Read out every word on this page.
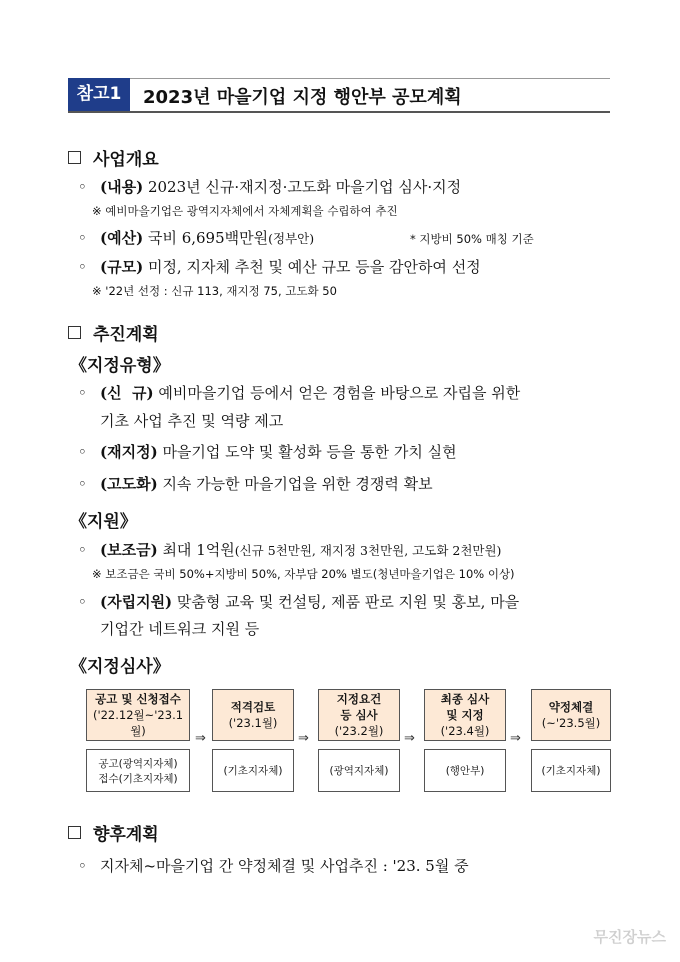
참고1	2023년 마을기업 지정 행안부 공모계획
사업개요
◦ (내용) 2023년 신규·재지정·고도화 마을기업 심사·지정
※ 예비마을기업은 광역지자체에서 자체계획을 수립하여 추진
◦ (예산) 국비 6,695백만원(정부안)	* 지방비 50% 매칭 기준
◦ (규모) 미정, 지자체 추천 및 예산 규모 등을 감안하여 선정
※ '22년 선정 : 신규 113, 재지정 75, 고도화 50
추진계획
《지정유형》
◦ (신  규) 예비마을기업 등에서 얻은 경험을 바탕으로 자립을 위한
기초 사업 추진 및 역량 제고
◦ (재지정) 마을기업 도약 및 활성화 등을 통한 가치 실현
◦ (고도화) 지속 가능한 마을기업을 위한 경쟁력 확보
《지원》
◦ (보조금) 최대 1억원(신규 5천만원, 재지정 3천만원, 고도화 2천만원)
※ 보조금은 국비 50%+지방비 50%, 자부담 20% 별도(청년마을기업은 10% 이상)
◦ (자립지원) 맞춤형 교육 및 컨설팅, 제품 판로 지원 및 홍보, 마을
기업간 네트워크 지원 등
《지정심사》
공고 및 신청접수
('22.12월~'23.1월)
공고(광역지자체)
접수(기초지자체)
⇒
적격검토
('23.1월)
(기초지자체)
⇒
지정요건
등 심사
('23.2월)
(광역지자체)
⇒
최종 심사
및 지정
('23.4월)
(행안부)
⇒
약정체결
(~'23.5월)
(기초지자체)
향후계획
◦ 지자체~마을기업 간 약정체결 및 사업추진 : '23. 5월 중
무진장뉴스
